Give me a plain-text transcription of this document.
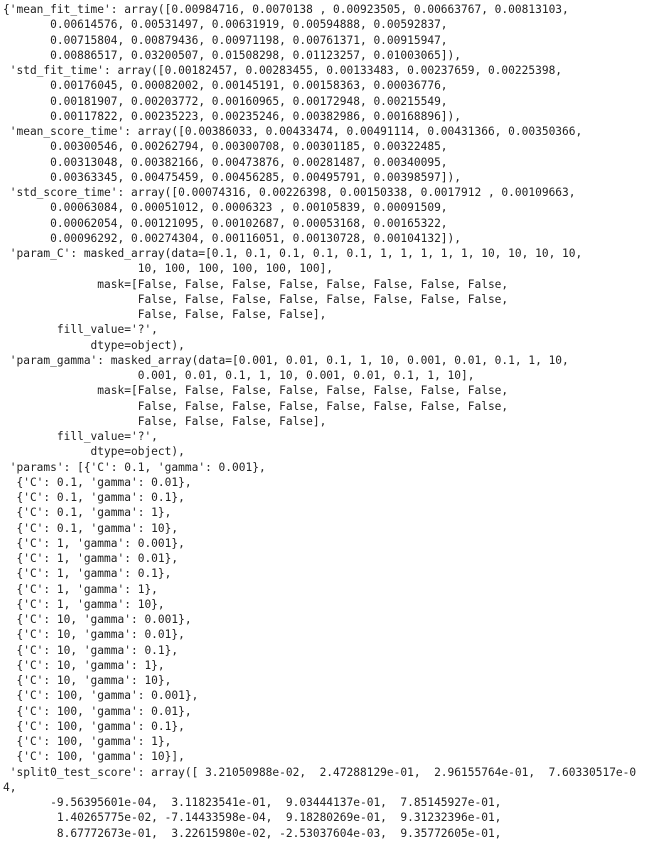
{'mean_fit_time': array([0.00984716, 0.0070138 , 0.00923505, 0.00663767, 0.00813103,
0.00614576, 0.00531497, 0.00631919, 0.00594888, 0.00592837,
0.00715804, 0.00879436, 0.00971198, 0.00761371, 0.00915947,
0.00886517, 0.03200507, 0.01508298, 0.01123257, 0.01003065]),
'std_fit_time': array([0.00182457, 0.00283455, 0.00133483, 0.00237659, 0.00225398,
0.00176045, 0.00082002, 0.00145191, 0.00158363, 0.00036776,
0.00181907, 0.00203772, 0.00160965, 0.00172948, 0.00215549,
0.00117822, 0.00235223, 0.00235246, 0.00382986, 0.00168896]),
'mean_score_time': array([0.00386033, 0.00433474, 0.00491114, 0.00431366, 0.00350366,
0.00300546, 0.00262794, 0.00300708, 0.00301185, 0.00322485,
0.00313048, 0.00382166, 0.00473876, 0.00281487, 0.00340095,
0.00363345, 0.00475459, 0.00456285, 0.00495791, 0.00398597]),
'std_score_time': array([0.00074316, 0.00226398, 0.00150338, 0.0017912 , 0.00109663,
0.00063084, 0.00051012, 0.0006323 , 0.00105839, 0.00091509,
0.00062054, 0.00121095, 0.00102687, 0.00053168, 0.00165322,
0.00096292, 0.00274304, 0.00116051, 0.00130728, 0.00104132]),
'param_C': masked_array(data=[0.1, 0.1, 0.1, 0.1, 0.1, 1, 1, 1, 1, 1, 10, 10, 10, 10,
10, 100, 100, 100, 100, 100],
mask=[False, False, False, False, False, False, False, False,
False, False, False, False, False, False, False, False,
False, False, False, False],
fill_value='?',
dtype=object),
'param_gamma': masked_array(data=[0.001, 0.01, 0.1, 1, 10, 0.001, 0.01, 0.1, 1, 10,
0.001, 0.01, 0.1, 1, 10, 0.001, 0.01, 0.1, 1, 10],
mask=[False, False, False, False, False, False, False, False,
False, False, False, False, False, False, False, False,
False, False, False, False],
fill_value='?',
dtype=object),
'params': [{'C': 0.1, 'gamma': 0.001},
{'C': 0.1, 'gamma': 0.01},
{'C': 0.1, 'gamma': 0.1},
{'C': 0.1, 'gamma': 1},
{'C': 0.1, 'gamma': 10},
{'C': 1, 'gamma': 0.001},
{'C': 1, 'gamma': 0.01},
{'C': 1, 'gamma': 0.1},
{'C': 1, 'gamma': 1},
{'C': 1, 'gamma': 10},
{'C': 10, 'gamma': 0.001},
{'C': 10, 'gamma': 0.01},
{'C': 10, 'gamma': 0.1},
{'C': 10, 'gamma': 1},
{'C': 10, 'gamma': 10},
{'C': 100, 'gamma': 0.001},
{'C': 100, 'gamma': 0.01},
{'C': 100, 'gamma': 0.1},
{'C': 100, 'gamma': 1},
{'C': 100, 'gamma': 10}],
'split0_test_score': array([ 3.21050988e-02,  2.47288129e-01,  2.96155764e-01,  7.60330517e-0
4,
-9.56395601e-04,  3.11823541e-01,  9.03444137e-01,  7.85145927e-01,
1.40265775e-02, -7.14433598e-04,  9.18280269e-01,  9.31232396e-01,
8.67772673e-01,  3.22615980e-02, -2.53037604e-03,  9.35772605e-01,
